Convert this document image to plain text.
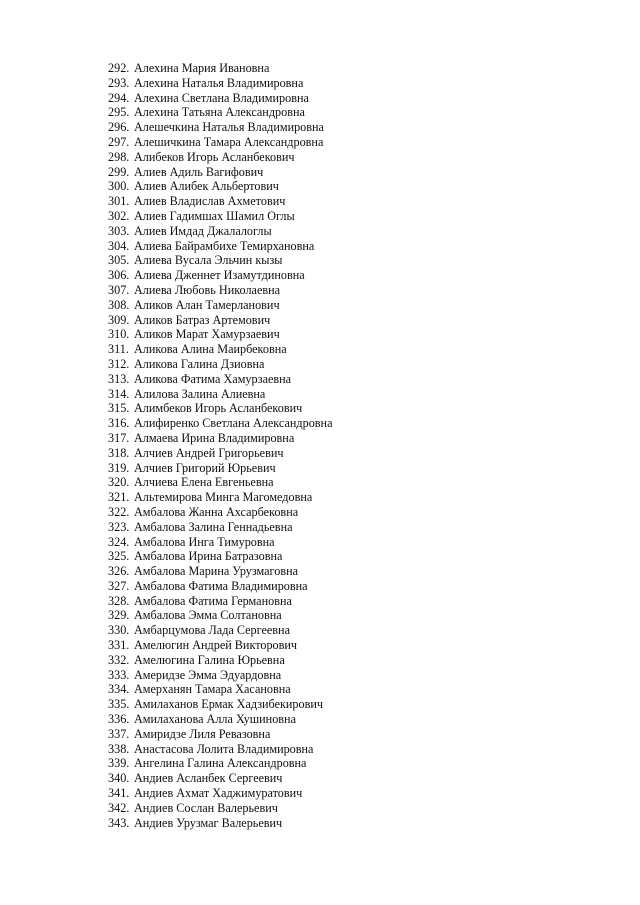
292. Алехина Мария Ивановна
293. Алехина Наталья Владимировна
294. Алехина Светлана Владимировна
295. Алехина Татьяна Александровна
296. Алешечкина Наталья Владимировна
297. Алешичкина Тамара Александровна
298. Алибеков Игорь Асланбекович
299. Алиев Адиль Вагифович
300. Алиев Алибек Альбертович
301. Алиев Владислав Ахметович
302. Алиев Гадимшах Шамил Оглы
303. Алиев Имдад Джалалоглы
304. Алиева Байрамбихе Темирхановна
305. Алиева Вусала Эльчин кызы
306. Алиева Дженнет Изамутдиновна
307. Алиева Любовь Николаевна
308. Аликов Алан Тамерланович
309. Аликов Батраз Артемович
310. Аликов Марат Хамурзаевич
311. Аликова Алина Маирбековна
312. Аликова Галина Дзиовна
313. Аликова Фатима Хамурзаевна
314. Алилова Залина Алиевна
315. Алимбеков Игорь Асланбекович
316. Алифиренко Светлана Александровна
317. Алмаева Ирина Владимировна
318. Алчиев Андрей Григорьевич
319. Алчиев Григорий Юрьевич
320. Алчиева Елена Евгеньевна
321. Альтемирова Минга Магомедовна
322. Амбалова Жанна Ахсарбековна
323. Амбалова Залина Геннадьевна
324. Амбалова Инга Тимуровна
325. Амбалова Ирина Батразовна
326. Амбалова Марина Урузмаговна
327. Амбалова Фатима Владимировна
328. Амбалова Фатима Германовна
329. Амбалова Эмма Солтановна
330. Амбарцумова Лада Сергеевна
331. Амелюгин Андрей Викторович
332. Амелюгина Галина Юрьевна
333. Америдзе Эмма Эдуардовна
334. Амерханян Тамара Хасановна
335. Амилаханов Ермак Хадзибекирович
336. Амилаханова Алла Хушиновна
337. Амиридзе Лиля Ревазовна
338. Анастасова Лолита Владимировна
339. Ангелина Галина Александровна
340. Андиев Асланбек Сергеевич
341. Андиев Ахмат Хаджимуратович
342. Андиев Сослан Валерьевич
343. Андиев Урузмаг Валерьевич
